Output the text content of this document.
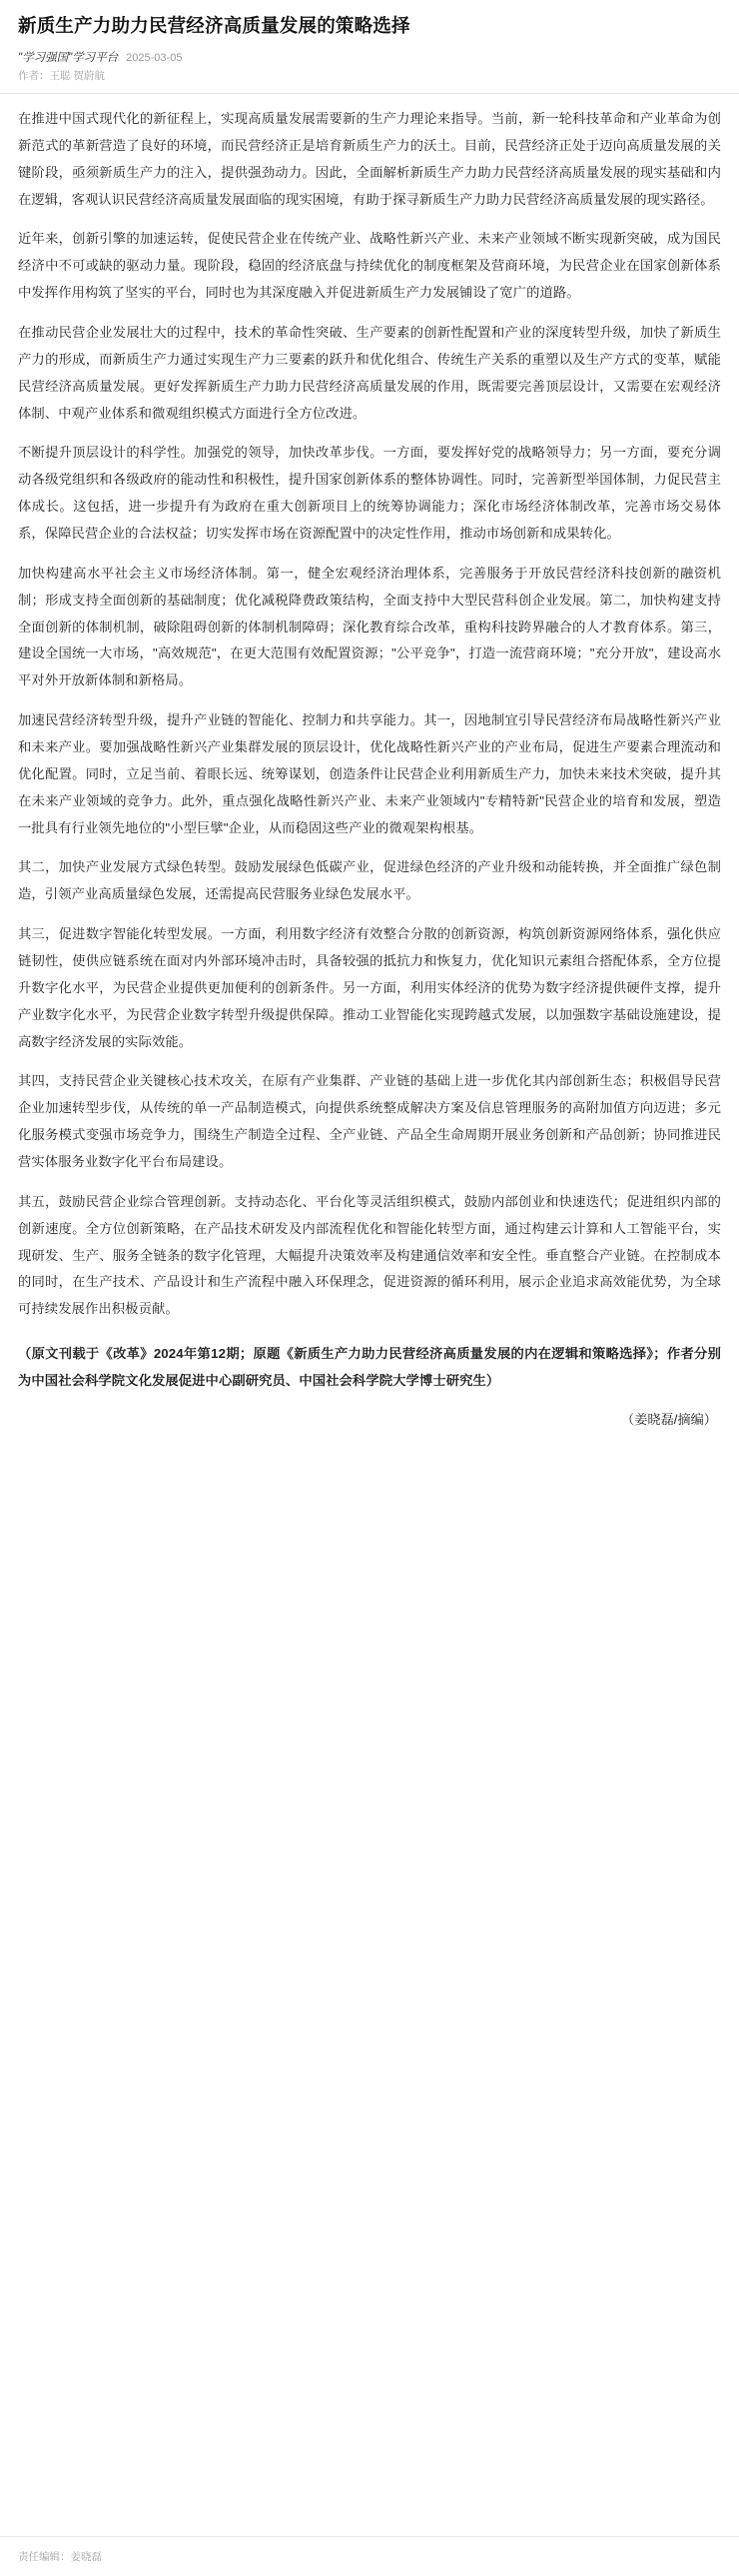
新质生产力助力民营经济高质量发展的策略选择
"学习强国"学习平台 2025-03-05
作者：王聪 贺蔚航

在推进中国式现代化的新征程上，实现高质量发展需要新的生产力理论来指导。当前，新一轮科技革命和产业革命为创新范式的革新营造了良好的环境，而民营经济正是培育新质生产力的沃土。目前，民营经济正处于迈向高质量发展的关键阶段，亟须新质生产力的注入，提供强劲动力。因此，全面解析新质生产力助力民营经济高质量发展的现实基础和内在逻辑，客观认识民营经济高质量发展面临的现实困境，有助于探寻新质生产力助力民营经济高质量发展的现实路径。

近年来，创新引擎的加速运转，促使民营企业在传统产业、战略性新兴产业、未来产业领域不断实现新突破，成为国民经济中不可或缺的驱动力量。现阶段，稳固的经济底盘与持续优化的制度框架及营商环境，为民营企业在国家创新体系中发挥作用构筑了坚实的平台，同时也为其深度融入并促进新质生产力发展铺设了宽广的道路。

在推动民营企业发展壮大的过程中，技术的革命性突破、生产要素的创新性配置和产业的深度转型升级，加快了新质生产力的形成，而新质生产力通过实现生产力三要素的跃升和优化组合、传统生产关系的重塑以及生产方式的变革，赋能民营经济高质量发展。更好发挥新质生产力助力民营经济高质量发展的作用，既需要完善顶层设计，又需要在宏观经济体制、中观产业体系和微观组织模式方面进行全方位改进。

不断提升顶层设计的科学性。加强党的领导，加快改革步伐。一方面，要发挥好党的战略领导力；另一方面，要充分调动各级党组织和各级政府的能动性和积极性，提升国家创新体系的整体协调性。同时，完善新型举国体制，力促民营主体成长。这包括，进一步提升有为政府在重大创新项目上的统筹协调能力；深化市场经济体制改革，完善市场交易体系，保障民营企业的合法权益；切实发挥市场在资源配置中的决定性作用，推动市场创新和成果转化。

加快构建高水平社会主义市场经济体制。第一，健全宏观经济治理体系，完善服务于开放民营经济科技创新的融资机制；形成支持全面创新的基础制度；优化减税降费政策结构，全面支持中大型民营科创企业发展。第二，加快构建支持全面创新的体制机制，破除阻碍创新的体制机制障碍；深化教育综合改革，重构科技跨界融合的人才教育体系。第三，建设全国统一大市场，"高效规范"，在更大范围有效配置资源；"公平竞争"，打造一流营商环境；"充分开放"，建设高水平对外开放新体制和新格局。

加速民营经济转型升级，提升产业链的智能化、控制力和共享能力。其一，因地制宜引导民营经济布局战略性新兴产业和未来产业。要加强战略性新兴产业集群发展的顶层设计，优化战略性新兴产业的产业布局，促进生产要素合理流动和优化配置。同时，立足当前、着眼长远、统筹谋划，创造条件让民营企业利用新质生产力，加快未来技术突破，提升其在未来产业领域的竞争力。此外，重点强化战略性新兴产业、未来产业领域内"专精特新"民营企业的培育和发展，塑造一批具有行业领先地位的"小型巨擘"企业，从而稳固这些产业的微观架构根基。

其二，加快产业发展方式绿色转型。鼓励发展绿色低碳产业，促进绿色经济的产业升级和动能转换，并全面推广绿色制造，引领产业高质量绿色发展，还需提高民营服务业绿色发展水平。

其三，促进数字智能化转型发展。一方面，利用数字经济有效整合分散的创新资源，构筑创新资源网络体系，强化供应链韧性，使供应链系统在面对内外部环境冲击时，具备较强的抵抗力和恢复力，优化知识元素组合搭配体系，全方位提升数字化水平，为民营企业提供更加便利的创新条件。另一方面，利用实体经济的优势为数字经济提供硬件支撑，提升产业数字化水平，为民营企业数字转型升级提供保障。推动工业智能化实现跨越式发展，以加强数字基础设施建设，提高数字经济发展的实际效能。

其四，支持民营企业关键核心技术攻关，在原有产业集群、产业链的基础上进一步优化其内部创新生态；积极倡导民营企业加速转型步伐，从传统的单一产品制造模式，向提供系统整成解决方案及信息管理服务的高附加值方向迈进；多元化服务模式变强市场竞争力，围绕生产制造全过程、全产业链、产品全生命周期开展业务创新和产品创新；协同推进民营实体服务业数字化平台布局建设。

其五，鼓励民营企业综合管理创新。支持动态化、平台化等灵活组织模式，鼓励内部创业和快速迭代；促进组织内部的创新速度。全方位创新策略，在产品技术研发及内部流程优化和智能化转型方面，通过构建云计算和人工智能平台，实现研发、生产、服务全链条的数字化管理，大幅提升决策效率及构建通信效率和安全性。垂直整合产业链。在控制成本的同时，在生产技术、产品设计和生产流程中融入环保理念，促进资源的循环利用，展示企业追求高效能优势，为全球可持续发展作出积极贡献。

（原文刊载于《改革》2024年第12期；原题《新质生产力助力民营经济高质量发展的内在逻辑和策略选择》；作者分别为中国社会科学院文化发展促进中心副研究员、中国社会科学院大学博士研究生）

（姜晓磊/摘编）
责任编辑： 姜晓磊
